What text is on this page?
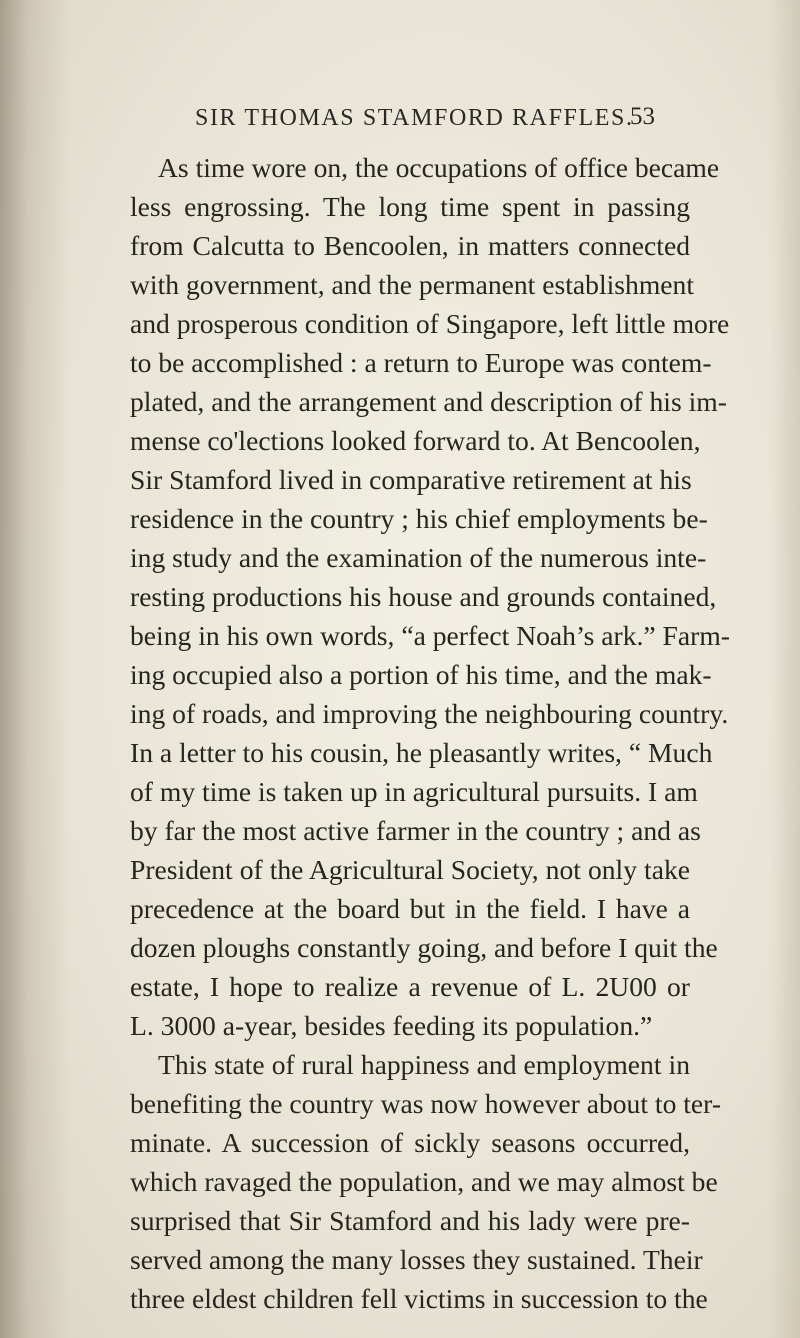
SIR THOMAS STAMFORD RAFFLES.
53
As time wore on, the occupations of office became
less engrossing. The long time spent in passing
from Calcutta to Bencoolen, in matters connected
with government, and the permanent establishment
and prosperous condition of Singapore, left little more
to be accomplished : a return to Europe was contem-
plated, and the arrangement and description of his im-
mense co'lections looked forward to. At Bencoolen,
Sir Stamford lived in comparative retirement at his
residence in the country ; his chief employments be-
ing study and the examination of the numerous inte-
resting productions his house and grounds contained,
being in his own words, “a perfect Noah’s ark.” Farm-
ing occupied also a portion of his time, and the mak-
ing of roads, and improving the neighbouring country.
In a letter to his cousin, he pleasantly writes, “ Much
of my time is taken up in agricultural pursuits. I am
by far the most active farmer in the country ; and as
President of the Agricultural Society, not only take
precedence at the board but in the field. I have a
dozen ploughs constantly going, and before I quit the
estate, I hope to realize a revenue of L. 2U00 or
L. 3000 a-year, besides feeding its population.”
This state of rural happiness and employment in
benefiting the country was now however about to ter-
minate. A succession of sickly seasons occurred,
which ravaged the population, and we may almost be
surprised that Sir Stamford and his lady were pre-
served among the many losses they sustained. Their
three eldest children fell victims in succession to the
